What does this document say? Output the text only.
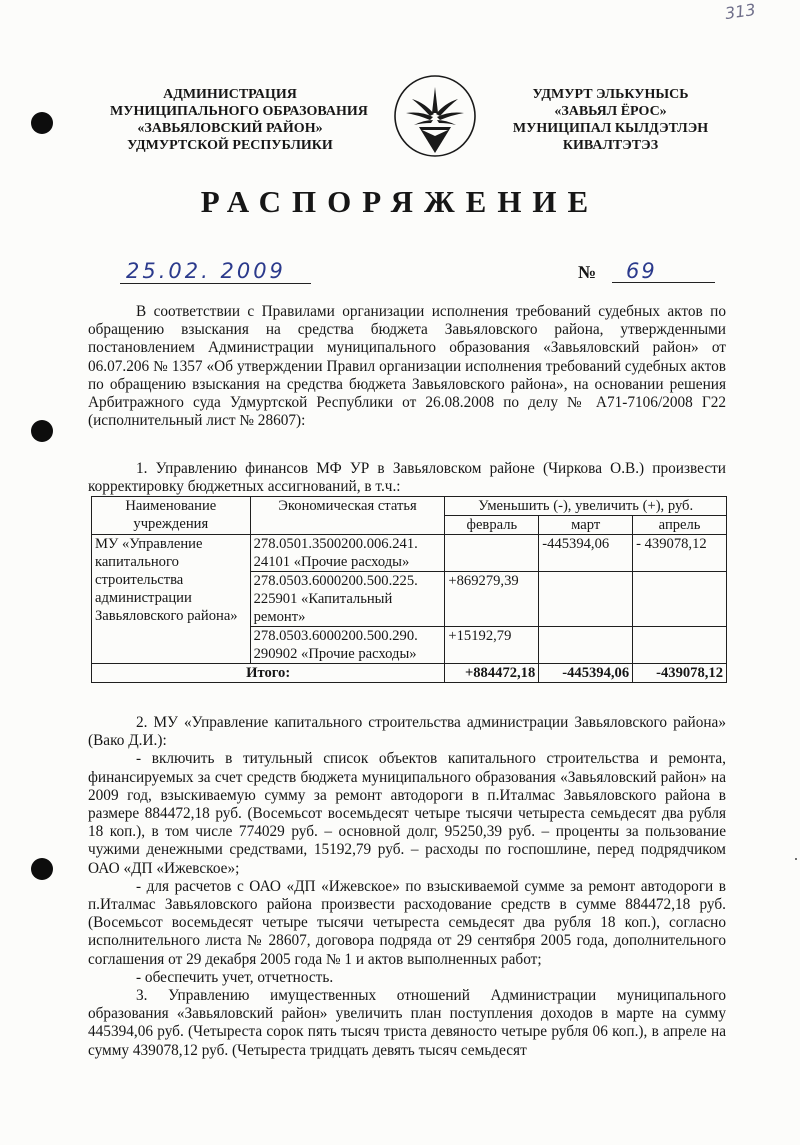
313
АДМИНИСТРАЦИЯ
МУНИЦИПАЛЬНОГО ОБРАЗОВАНИЯ
«ЗАВЬЯЛОВСКИЙ РАЙОН»
УДМУРТСКОЙ РЕСПУБЛИКИ
УДМУРТ ЭЛЬКУНЫСЬ
«ЗАВЬЯЛ ЁРОС»
МУНИЦИПАЛ КЫЛДЭТЛЭН
КИВАЛТЭТЭЗ
РАСПОРЯЖЕНИЕ
25.02. 2009	№	69

В соответствии с Правилами организации исполнения требований судебных актов по обращению взыскания на средства бюджета Завьяловского района, утвержденными постановлением Администрации муниципального образования «Завьяловский район» от 06.07.206 № 1357 «Об утверждении Правил организации исполнения требований судебных актов по обращению взыскания на средства бюджета Завьяловского района», на основании решения Арбитражного суда Удмуртской Республики от 26.08.2008 по делу № А71-7106/2008 Г22 (исполнительный лист № 28607):

1. Управлению финансов МФ УР в Завьяловском районе (Чиркова О.В.) произвести корректировку бюджетных ассигнований, в т.ч.:

Наименование учреждения	Экономическая статья	Уменьшить (-), увеличить (+), руб.		
		февраль	март	апрель
МУ «Управление капитального строительства администрации Завьяловского района»	278.0501.3500200.006.241. 24101 «Прочие расходы»		-445394,06	- 439078,12
	278.0503.6000200.500.225. 225901 «Капитальный ремонт»	+869279,39		
	278.0503.6000200.500.290. 290902 «Прочие расходы»	+15192,79		
Итого:		+884472,18	-445394,06	-439078,12

2. МУ «Управление капитального строительства администрации Завьяловского района» (Вако Д.И.):

- включить в титульный список объектов капитального строительства и ремонта, финансируемых за счет средств бюджета муниципального образования «Завьяловский район» на 2009 год, взыскиваемую сумму за ремонт автодороги в п.Италмас Завьяловского района в размере 884472,18 руб. (Восемьсот восемьдесят четыре тысячи четыреста семьдесят два рубля 18 коп.), в том числе 774029 руб. – основной долг, 95250,39 руб. – проценты за пользование чужими денежными средствами, 15192,79 руб. – расходы по госпошлине, перед подрядчиком ОАО «ДП «Ижевское»;

- для расчетов с ОАО «ДП «Ижевское» по взыскиваемой сумме за ремонт автодороги в п.Италмас Завьяловского района произвести расходование средств в сумме 884472,18 руб. (Восемьсот восемьдесят четыре тысячи четыреста семьдесят два рубля 18 коп.), согласно исполнительного листа № 28607, договора подряда от 29 сентября 2005 года, дополнительного соглашения от 29 декабря 2005 года № 1 и актов выполненных работ;

- обеспечить учет, отчетность.

3. Управлению имущественных отношений Администрации муниципального образования «Завьяловский район» увеличить план поступления доходов в марте на сумму 445394,06 руб. (Четыреста сорок пять тысяч триста девяносто четыре рубля 06 коп.), в апреле на сумму 439078,12 руб. (Четыреста тридцать девять тысяч семьдесят
